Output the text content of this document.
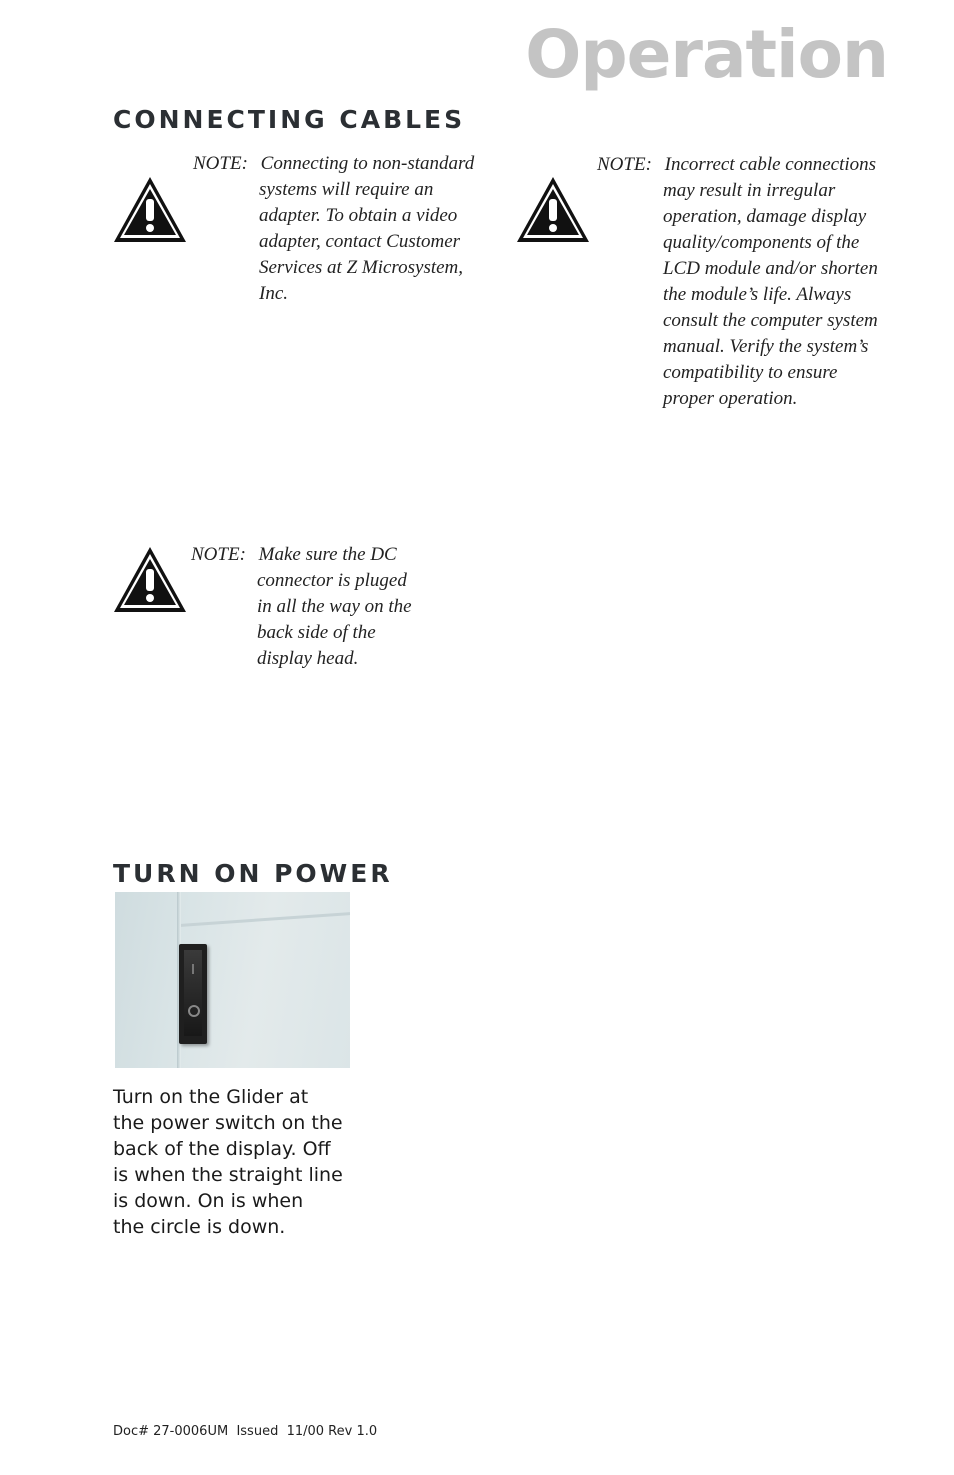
Operation
CONNECTING CABLES

NOTE: Connecting to non-standard

systems will require an

adapter. To obtain a video

adapter, contact Customer

Services at Z Microsystem,

Inc.

NOTE: Incorrect cable connections

may result in irregular

operation, damage display

quality/components of the

LCD module and/or shorten

the module’s life. Always

consult the computer system

manual. Verify the system’s

compatibility to ensure

proper operation.

NOTE: Make sure the DC

connector is pluged

in all the way on the

back side of the

display head.

TURN ON POWER
Turn on the Glider at
the power switch on the
back of the display. Off
is when the straight line
is down. On is when
the circle is down.
Doc# 27-0006UM  Issued  11/00 Rev 1.0
